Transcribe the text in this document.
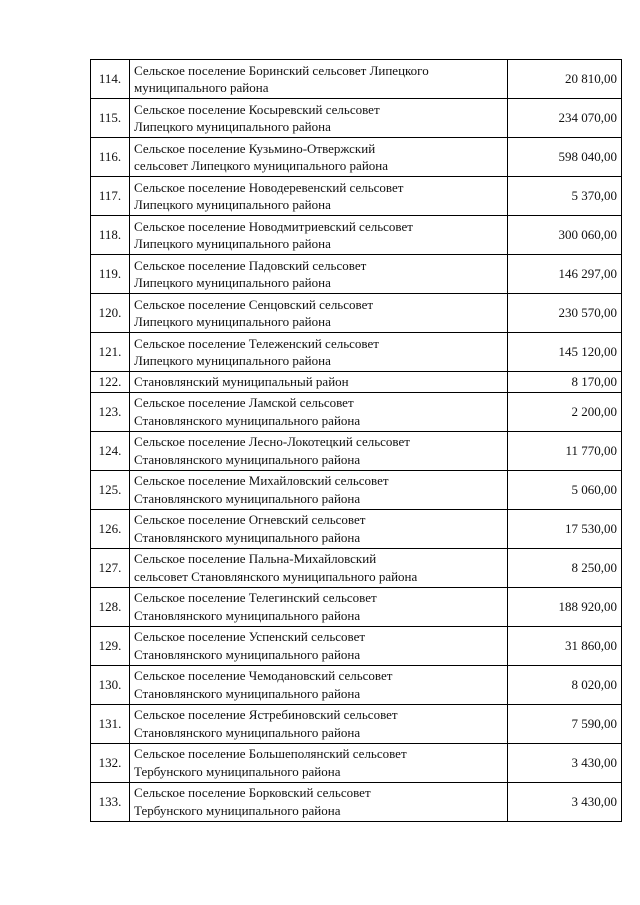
114.	Сельское поселение Боринский сельсовет Липецкого
муниципального района	20 810,00
115.	Сельское поселение Косыревский сельсовет
Липецкого муниципального района	234 070,00
116.	Сельское поселение Кузьмино-Отвержский
сельсовет Липецкого муниципального района	598 040,00
117.	Сельское поселение Новодеревенский сельсовет
Липецкого муниципального района	5 370,00
118.	Сельское поселение Новодмитриевский сельсовет
Липецкого муниципального района	300 060,00
119.	Сельское поселение Падовский сельсовет
Липецкого муниципального района	146 297,00
120.	Сельское поселение Сенцовский сельсовет
Липецкого муниципального района	230 570,00
121.	Сельское поселение Тележенский сельсовет
Липецкого муниципального района	145 120,00
122.	Становлянский муниципальный район	8 170,00
123.	Сельское поселение Ламской сельсовет
Становлянского муниципального района	2 200,00
124.	Сельское поселение Лесно-Локотецкий сельсовет
Становлянского муниципального района	11 770,00
125.	Сельское поселение Михайловский сельсовет
Становлянского муниципального района	5 060,00
126.	Сельское поселение Огневский сельсовет
Становлянского муниципального района	17 530,00
127.	Сельское поселение Пальна-Михайловский
сельсовет Становлянского муниципального района	8 250,00
128.	Сельское поселение Телегинский сельсовет
Становлянского муниципального района	188 920,00
129.	Сельское поселение Успенский сельсовет
Становлянского муниципального района	31 860,00
130.	Сельское поселение Чемодановский сельсовет
Становлянского муниципального района	8 020,00
131.	Сельское поселение Ястребиновский сельсовет
Становлянского муниципального района	7 590,00
132.	Сельское поселение Большеполянский сельсовет
Тербунского муниципального района	3 430,00
133.	Сельское поселение Борковский сельсовет
Тербунского муниципального района	3 430,00
